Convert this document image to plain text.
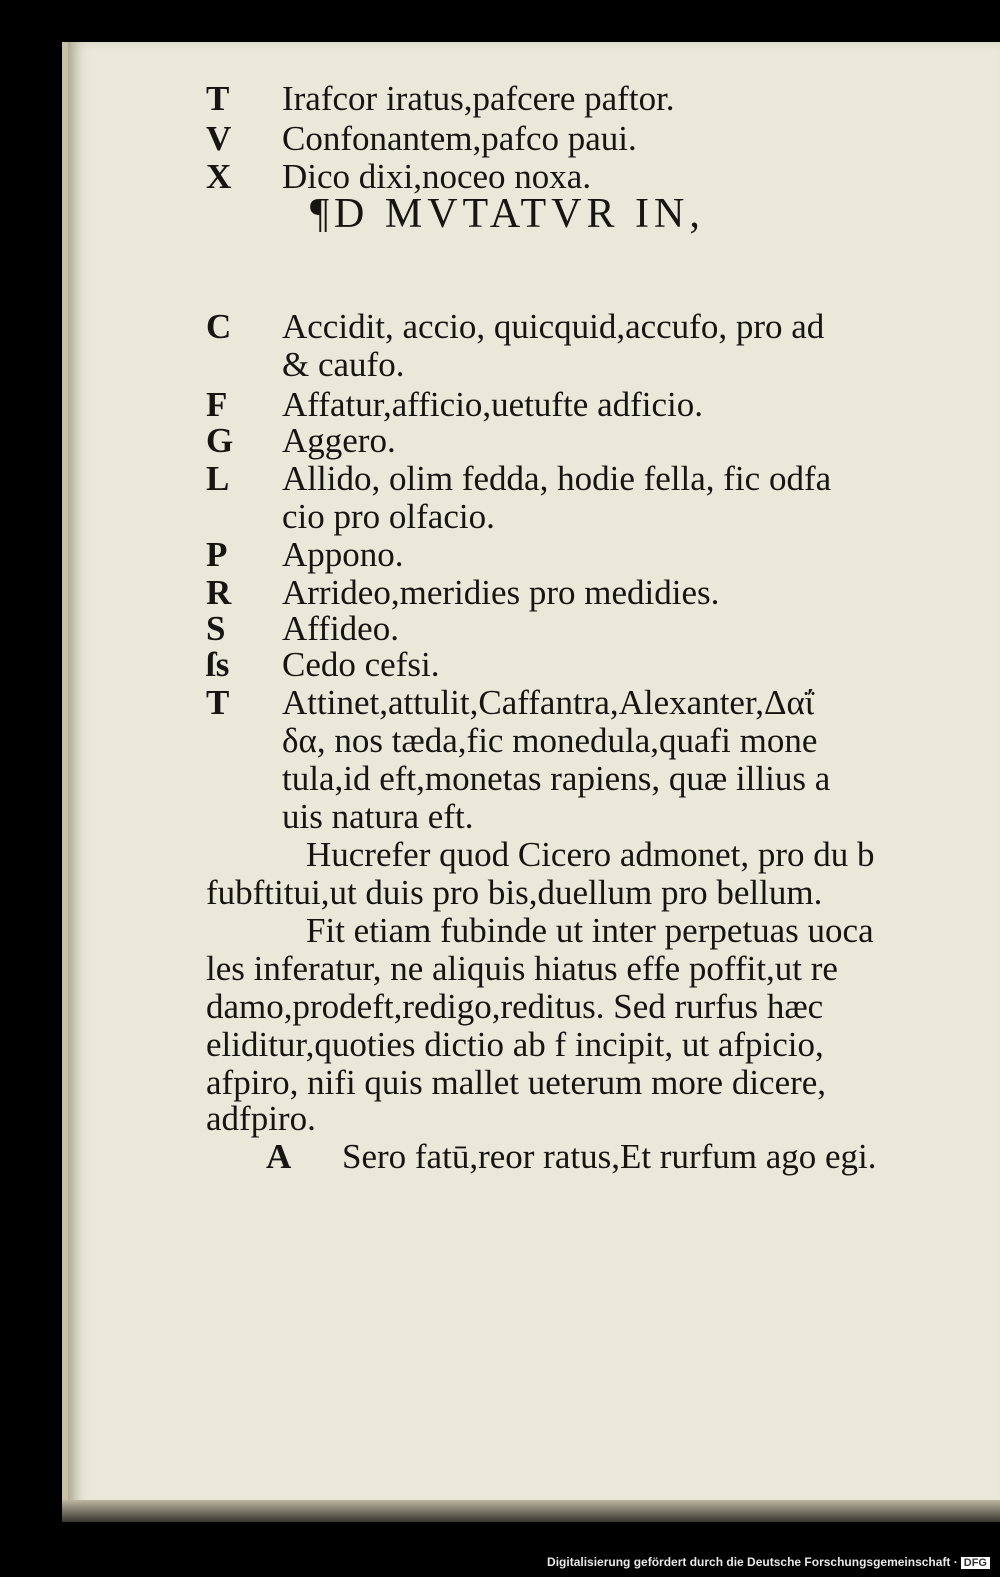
T	Irafcor iratus,pafcere paftor.
V	Confonantem,pafco paui.
X	Dico dixi,noceo noxa.
¶D MVTATVR IN,
C	Accidit, accio, quicquid,accufo, pro ad
& caufo.
F	Affatur,afficio,uetufte adficio.
G	Aggero.
L	Allido, olim fedda, hodie fella, fic odfa
cio pro olfacio.
P	Appono.
R	Arrideo,meridies pro medidies.
S	Affideo.
ſs	Cedo cefsi.
T	Attinet,attulit,Caffantra,Alexanter,Δαΐ
δα, nos tæda,fic monedula,quafi mone
tula,id eft,monetas rapiens, quæ illius a
uis natura eft.
Hucrefer quod Cicero admonet, pro du b
fubftitui,ut duis pro bis,duellum pro bellum.
Fit etiam fubinde ut inter perpetuas uoca
les inferatur, ne aliquis hiatus effe poffit,ut re
damo,prodeft,redigo,reditus. Sed rurfus hæc
eliditur,quoties dictio ab f incipit, ut afpicio,
afpiro, nifi quis mallet ueterum more dicere,
adfpiro.
A	Sero fatū,reor ratus,Et rurfum ago egi.
Digitalisierung gefördert durch die Deutsche Forschungsgemeinschaft · DFG
